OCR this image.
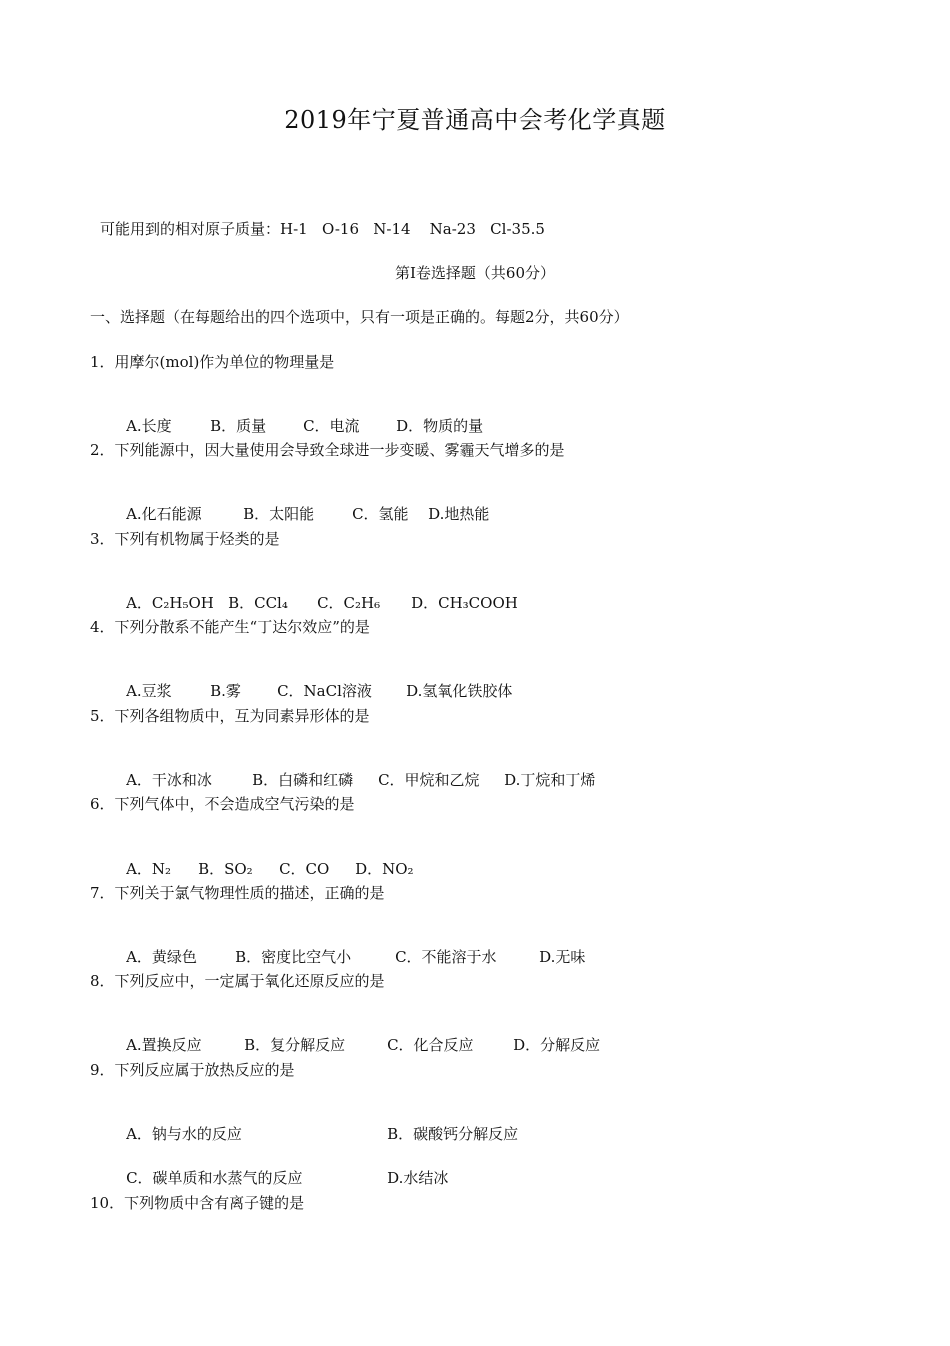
2019年宁夏普通高中会考化学真题
可能用到的相对原子质量：H-1   O-16   N-14    Na-23   Cl-35.5
第Ⅰ卷选择题（共60分）
一、选择题（在每题给出的四个选项中，只有一项是正确的。每题2分，共60分）
1．用摩尔(mol)作为单位的物理量是

A.长度	B．质量 C．电流 D．物质的量

2．下列能源中，因大量使用会导致全球进一步变暖、雾霾天气增多的是

A.化石能源	B．太阳能	C．氢能 D.地热能

3．下列有机物属于烃类的是

A．C₂H₅OH B．CCl₄ C．C₂H₆ D．CH₃COOH

4．下列分散系不能产生“丁达尔效应”的是

A.豆浆	B.雾 C．NaCl溶液 D.氢氧化铁胶体

5．下列各组物质中，互为同素异形体的是

A．干冰和冰	B．白磷和红磷 C．甲烷和乙烷 D.丁烷和丁烯

6．下列气体中，不会造成空气污染的是

A．N₂ B．SO₂ C．CO D．NO₂

7．下列关于氯气物理性质的描述，正确的是

A．黄绿色	B．密度比空气小	C．不能溶于水	D.无味

8．下列反应中，一定属于氧化还原反应的是

A.置换反应	B．复分解反应	C．化合反应	D．分解反应

9．下列反应属于放热反应的是

A．钠与水的反应	B．碳酸钙分解反应

C．碳单质和水蒸气的反应	D.水结冰

10．下列物质中含有离子键的是
